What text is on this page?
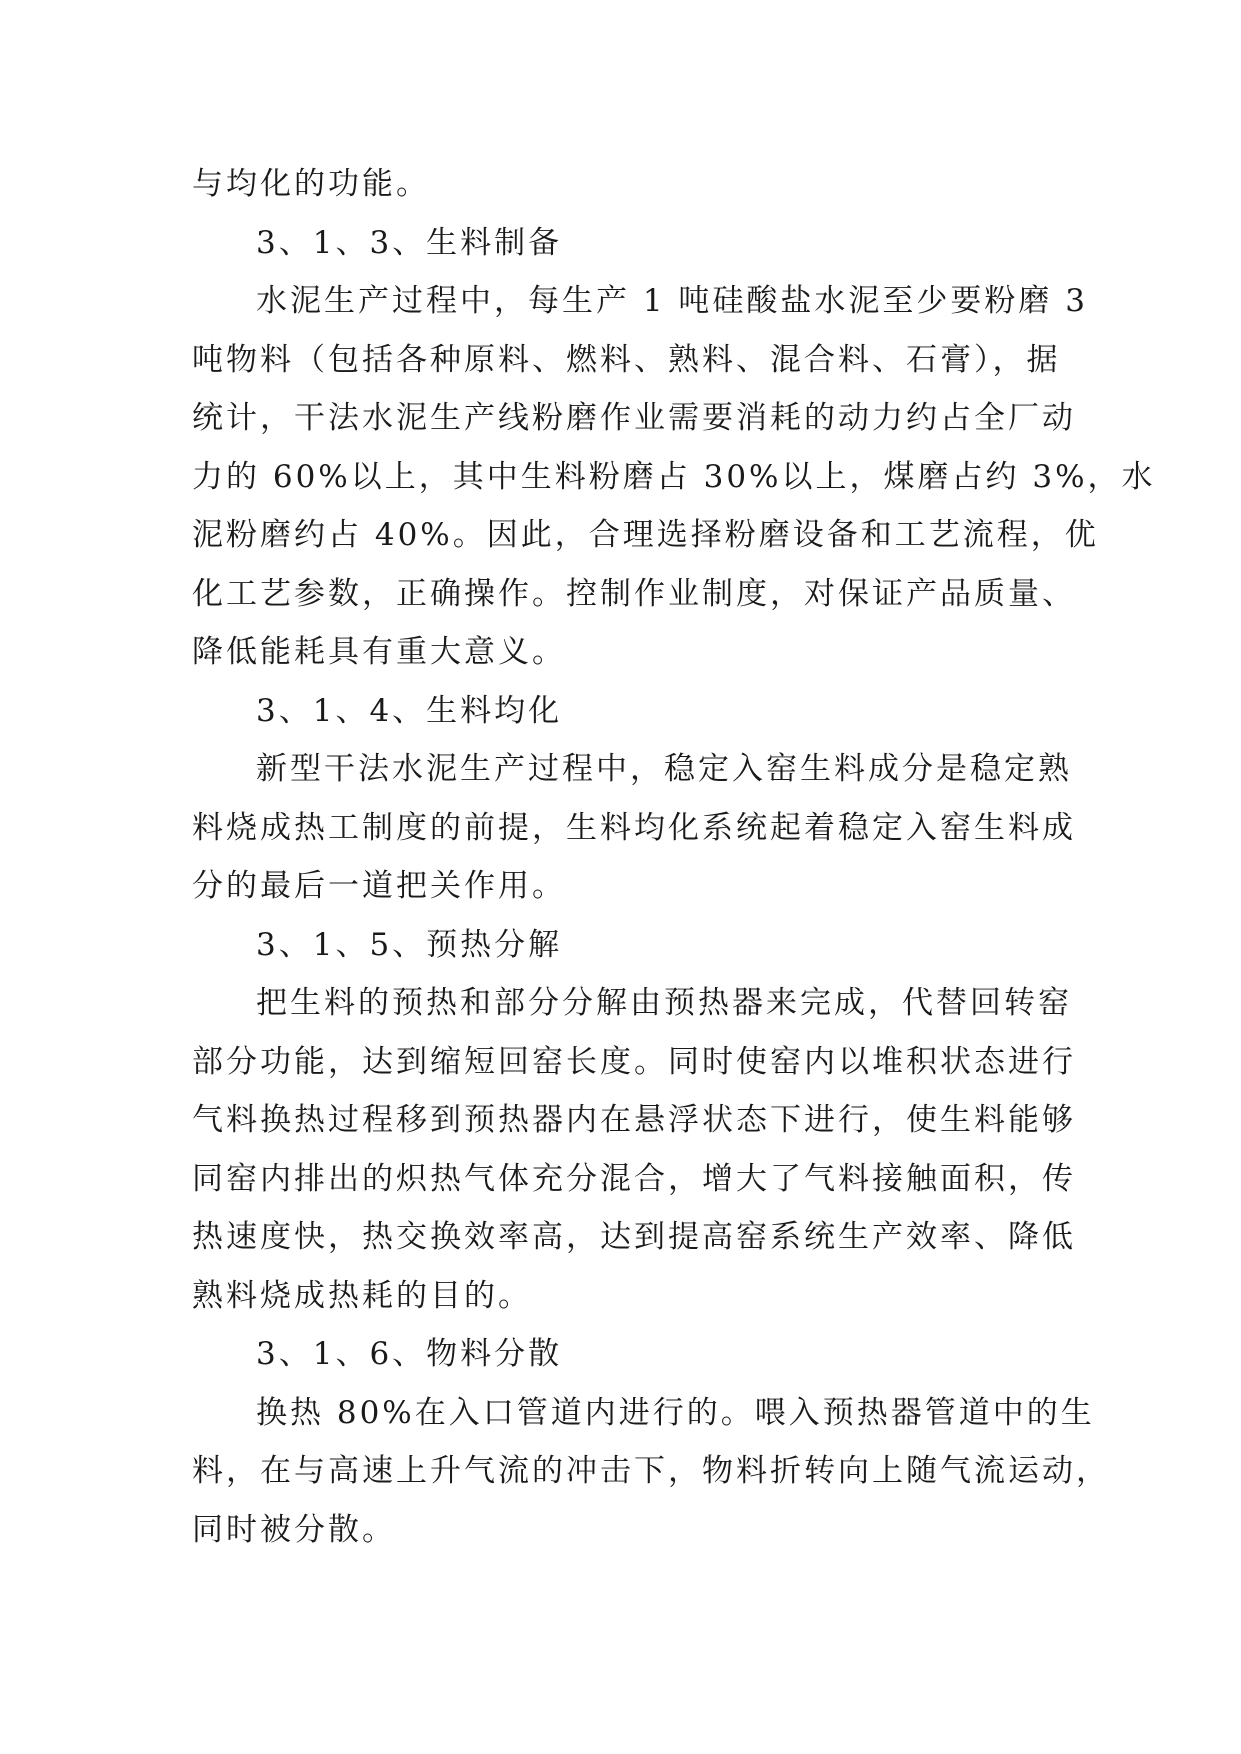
与均化的功能。
3、1、3、生料制备
水泥生产过程中，每生产 1 吨硅酸盐水泥至少要粉磨 3
吨物料（包括各种原料、燃料、熟料、混合料、石膏），据
统计，干法水泥生产线粉磨作业需要消耗的动力约占全厂动
力的 60%以上，其中生料粉磨占 30%以上，煤磨占约 3%，水
泥粉磨约占 40%。因此，合理选择粉磨设备和工艺流程，优
化工艺参数，正确操作。控制作业制度，对保证产品质量、
降低能耗具有重大意义。
3、1、4、生料均化
新型干法水泥生产过程中，稳定入窑生料成分是稳定熟
料烧成热工制度的前提，生料均化系统起着稳定入窑生料成
分的最后一道把关作用。
3、1、5、预热分解
把生料的预热和部分分解由预热器来完成，代替回转窑
部分功能，达到缩短回窑长度。同时使窑内以堆积状态进行
气料换热过程移到预热器内在悬浮状态下进行，使生料能够
同窑内排出的炽热气体充分混合，增大了气料接触面积，传
热速度快，热交换效率高，达到提高窑系统生产效率、降低
熟料烧成热耗的目的。
3、1、6、物料分散
换热 80%在入口管道内进行的。喂入预热器管道中的生
料，在与高速上升气流的冲击下，物料折转向上随气流运动，
同时被分散。
